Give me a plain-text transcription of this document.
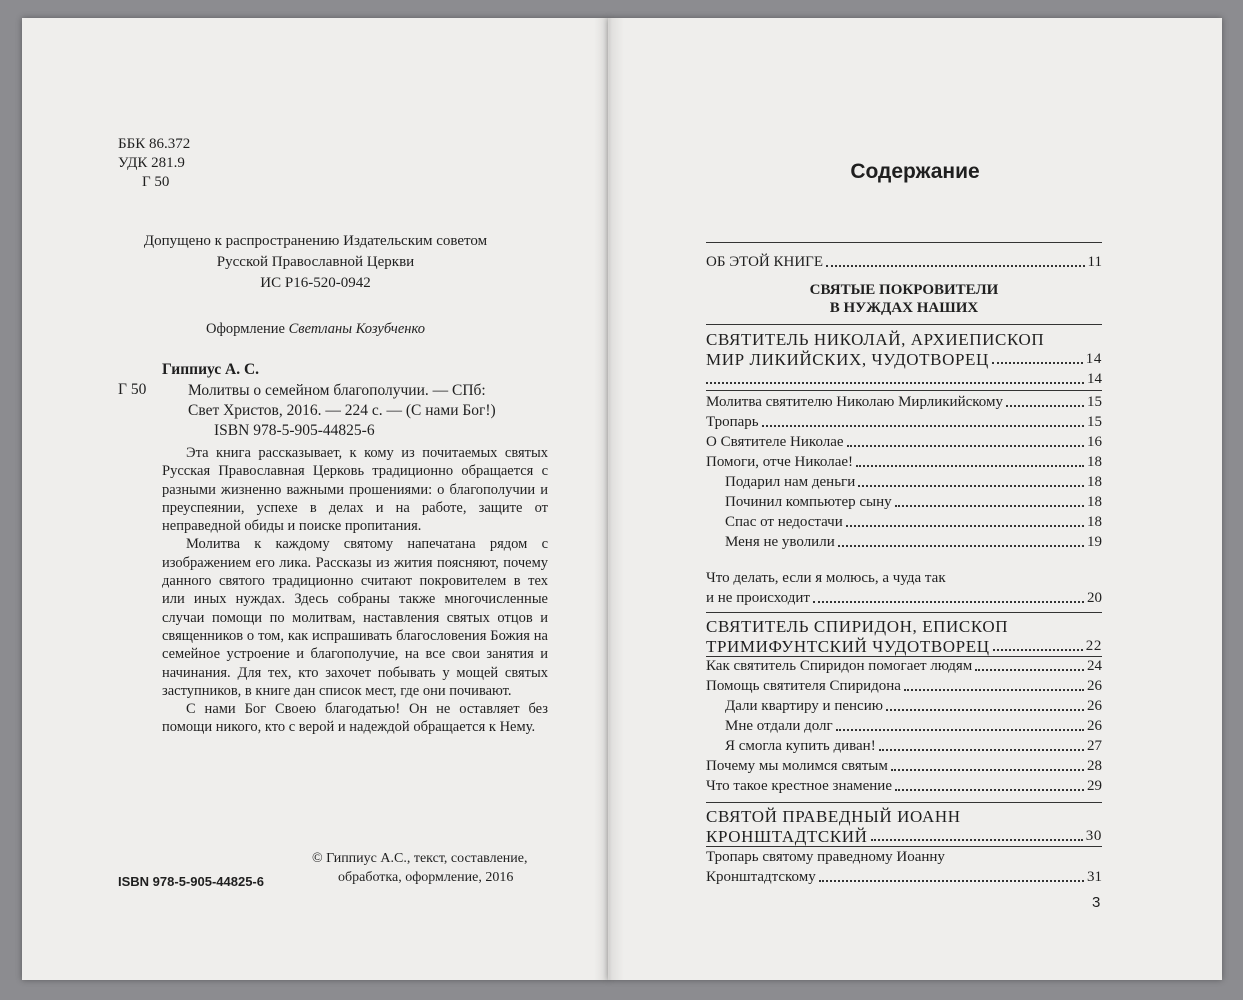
ББК 86.372
УДК 281.9
Г 50
Допущено к распространению Издательским советом
Русской Православной Церкви
ИС Р16-520-0942
Оформление Светланы Козубченко
Гиппиус А. С.
Г 50	Молитвы о семейном благополучии. — СПб:
Свет Христов, 2016. — 224 с. — (С нами Бог!)
ISBN 978-5-905-44825-6

Эта книга рассказывает, к кому из почитаемых святых Русская Православная Церковь традиционно обращается с разными жизненно важными прошениями: о благополучии и преуспеянии, успехе в делах и на работе, защите от неправедной обиды и поиске пропитания.

Молитва к каждому святому напечатана рядом с изображением его лика. Рассказы из жития поясняют, почему данного святого традиционно считают покровителем в тех или иных нуждах. Здесь собраны также многочисленные случаи помощи по молитвам, наставления святых отцов и священников о том, как испрашивать благословения Божия на семейное устроение и благополучие, на все свои занятия и начинания. Для тех, кто захочет побывать у мощей святых заступников, в книге дан список мест, где они почивают.

С нами Бог Своею благодатью! Он не оставляет без помощи никого, кто с верой и надеждой обращается к Нему.

ISBN 978-5-905-44825-6
© Гиппиус А.С., текст, составление,
обработка, оформление, 2016
Содержание
ОБ ЭТОЙ КНИГЕ	11
СВЯТЫЕ ПОКРОВИТЕЛИ
В НУЖДАХ НАШИХ
СВЯТИТЕЛЬ НИКОЛАЙ, АРХИЕПИСКОП
МИР ЛИКИЙСКИХ, ЧУДОТВОРЕЦ	14
14
Молитва святителю Николаю Мирликийскому	15
Тропарь	15
О Святителе Николае	16
Помоги, отче Николае!	18
Подарил нам деньги	18
Починил компьютер сыну	18
Спас от недостачи	18
Меня не уволили	19
Что делать, если я молюсь, а чуда так
и не происходит	20
СВЯТИТЕЛЬ СПИРИДОН, ЕПИСКОП
ТРИМИФУНТСКИЙ ЧУДОТВОРЕЦ	22
Как святитель Спиридон помогает людям	24
Помощь святителя Спиридона	26
Дали квартиру и пенсию	26
Мне отдали долг	26
Я смогла купить диван!	27
Почему мы молимся святым	28
Что такое крестное знамение	29
СВЯТОЙ ПРАВЕДНЫЙ ИОАНН
КРОНШТАДТСКИЙ	30
Тропарь святому праведному Иоанну
Кронштадтскому	31
3
